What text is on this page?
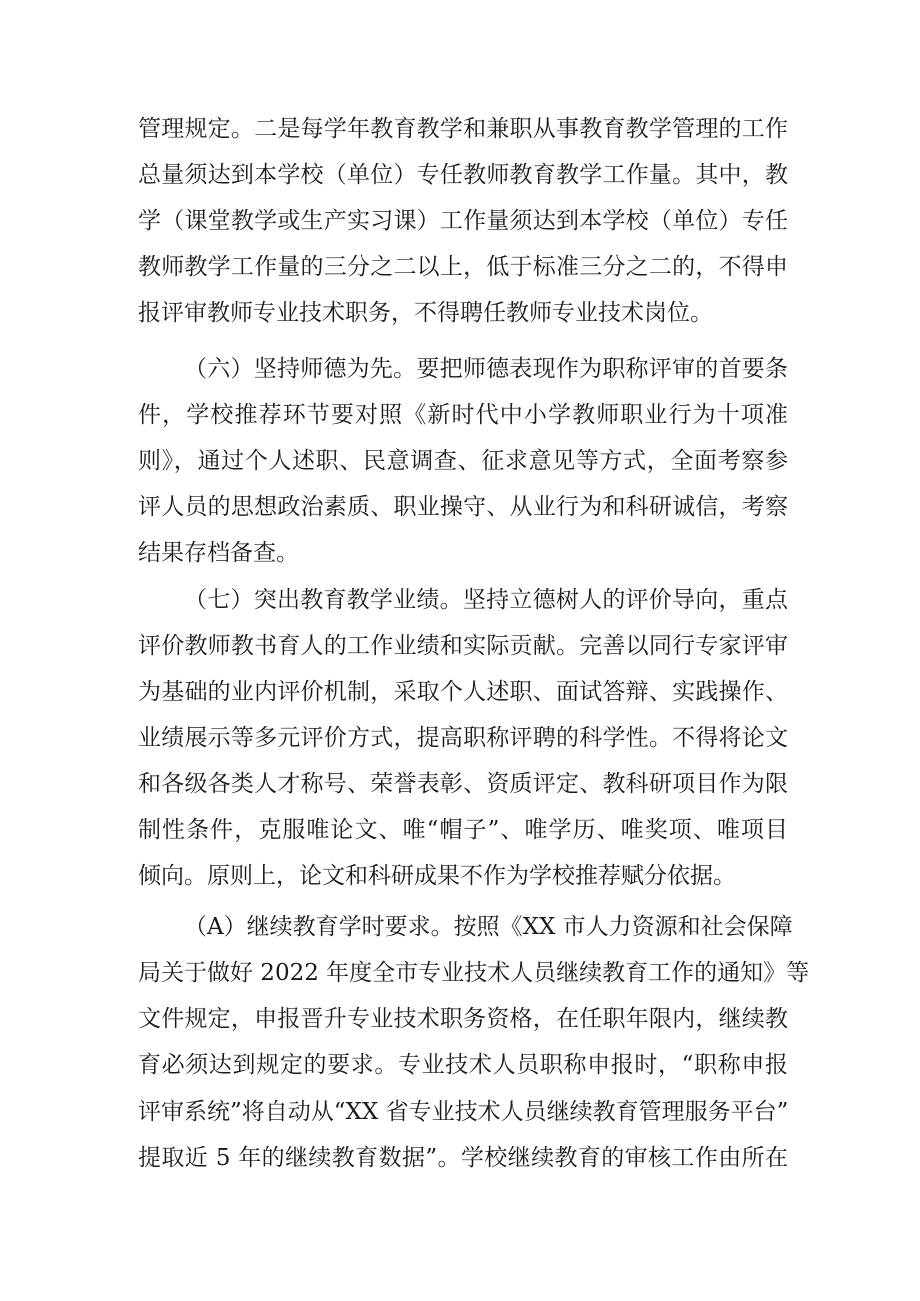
管理规定。二是每学年教育教学和兼职从事教育教学管理的工作
总量须达到本学校（单位）专任教师教育教学工作量。其中，教
学（课堂教学或生产实习课）工作量须达到本学校（单位）专任
教师教学工作量的三分之二以上，低于标准三分之二的，不得申
报评审教师专业技术职务，不得聘任教师专业技术岗位。
（六）坚持师德为先。要把师德表现作为职称评审的首要条
件，学校推荐环节要对照《新时代中小学教师职业行为十项准
则》，通过个人述职、民意调查、征求意见等方式，全面考察参
评人员的思想政治素质、职业操守、从业行为和科研诚信，考察
结果存档备查。
（七）突出教育教学业绩。坚持立德树人的评价导向，重点
评价教师教书育人的工作业绩和实际贡献。完善以同行专家评审
为基础的业内评价机制，采取个人述职、面试答辩、实践操作、
业绩展示等多元评价方式，提高职称评聘的科学性。不得将论文
和各级各类人才称号、荣誉表彰、资质评定、教科研项目作为限
制性条件，克服唯论文、唯“帽子”、唯学历、唯奖项、唯项目
倾向。原则上，论文和科研成果不作为学校推荐赋分依据。
（A）继续教育学时要求。按照《XX 市人力资源和社会保障
局关于做好 2022 年度全市专业技术人员继续教育工作的通知》等
文件规定，申报晋升专业技术职务资格，在任职年限内，继续教
育必须达到规定的要求。专业技术人员职称申报时，“职称申报
评审系统”将自动从“XX 省专业技术人员继续教育管理服务平台”
提取近 5 年的继续教育数据”。学校继续教育的审核工作由所在
